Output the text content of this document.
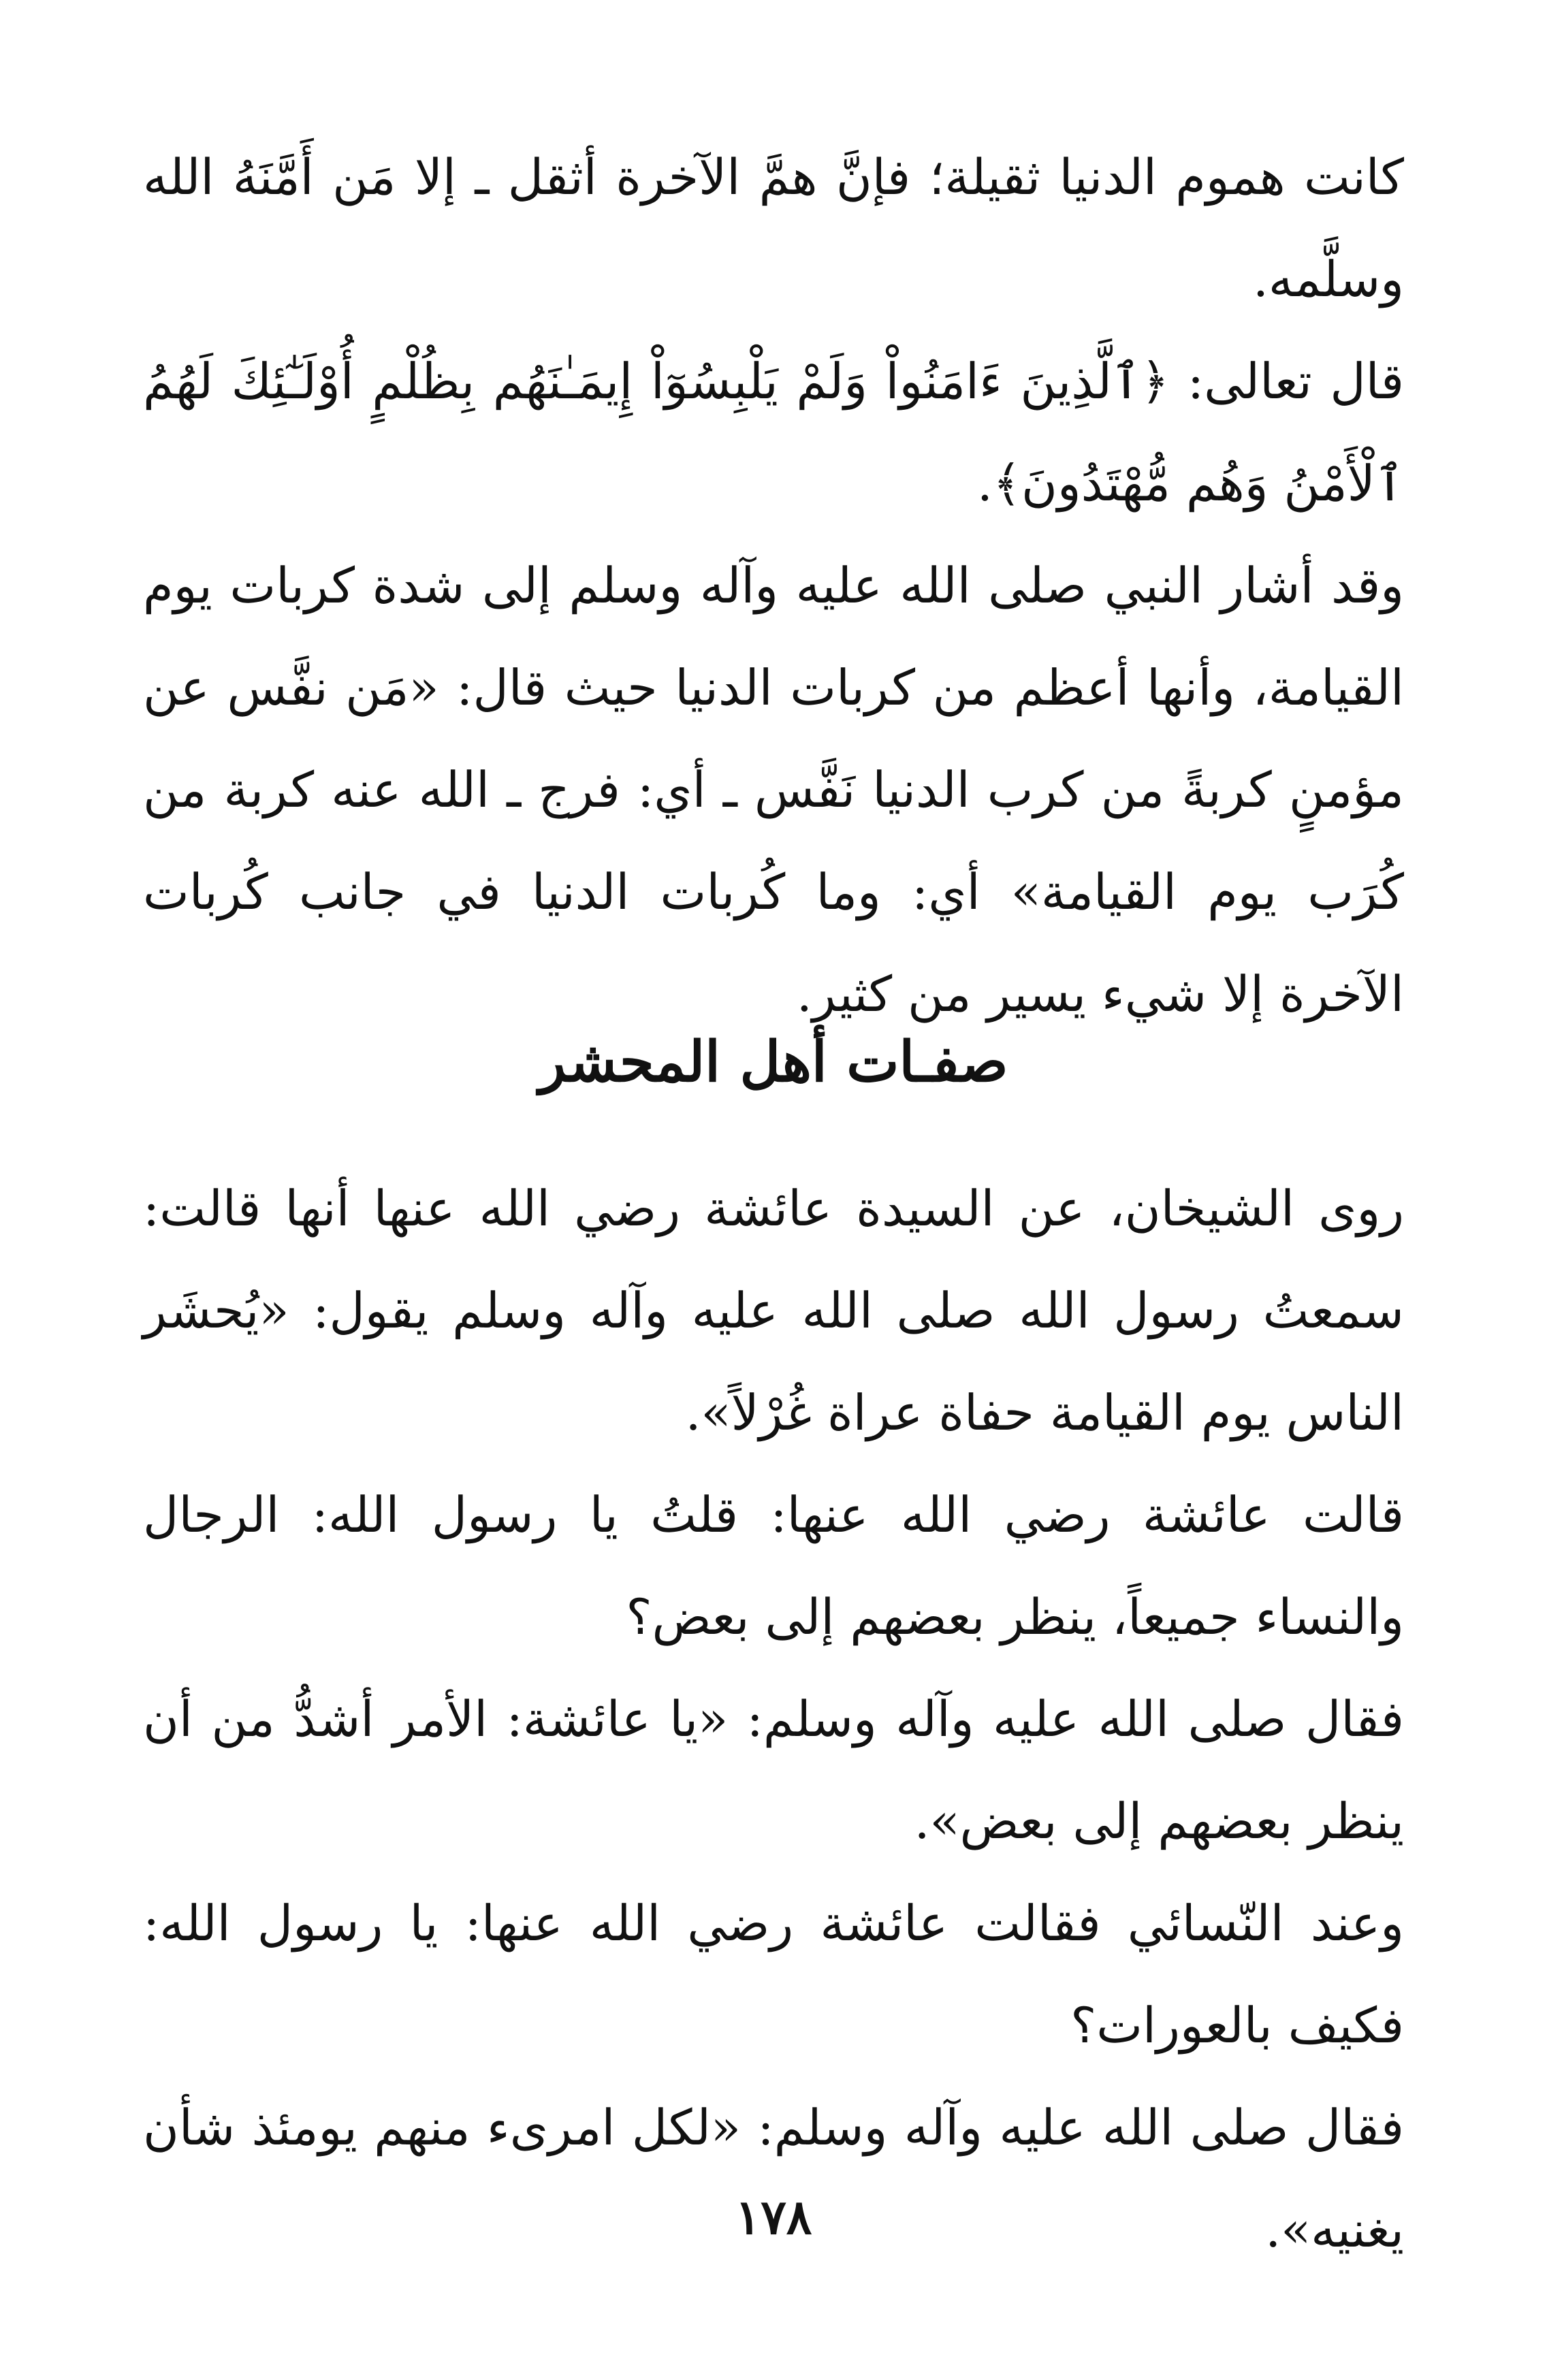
كانت هموم الدنيا ثقيلة؛ فإنَّ همَّ الآخرة أثقل ـ إلا مَن أَمَّنَهُ الله وسلَّمه.

قال تعالى: ﴿ٱلَّذِينَ ءَامَنُواْ وَلَمْ يَلْبِسُوٓاْ إِيمَـٰنَهُم بِظُلْمٍ أُوْلَـٰٓئِكَ لَهُمُ ٱلْأَمْنُ وَهُم مُّهْتَدُونَ﴾.

وقد أشار النبي صلى الله عليه وآله وسلم إلى شدة كربات يوم القيامة، وأنها أعظم من كربات الدنيا حيث قال: «مَن نفَّس عن مؤمنٍ كربةً من كرب الدنيا نَفَّس ـ أي: فرج ـ الله عنه كربة من كُرَب يوم القيامة» أي: وما كُربات الدنيا في جانب كُربات الآخرة إلا شيء يسير من كثير.

صفـات أهل المحشر

روى الشيخان، عن السيدة عائشة رضي الله عنها أنها قالت: سمعتُ رسول الله صلى الله عليه وآله وسلم يقول: «يُحشَر الناس يوم القيامة حفاة عراة غُرْلاً».

قالت عائشة رضي الله عنها: قلتُ يا رسول الله: الرجال والنساء جميعاً، ينظر بعضهم إلى بعض؟

فقال صلى الله عليه وآله وسلم: «يا عائشة: الأمر أشدُّ من أن ينظر بعضهم إلى بعض».

وعند النّسائي فقالت عائشة رضي الله عنها: يا رسول الله: فكيف بالعورات؟

فقال صلى الله عليه وآله وسلم: «لكل امرىء منهم يومئذ شأن يغنيه».

١٧٨
